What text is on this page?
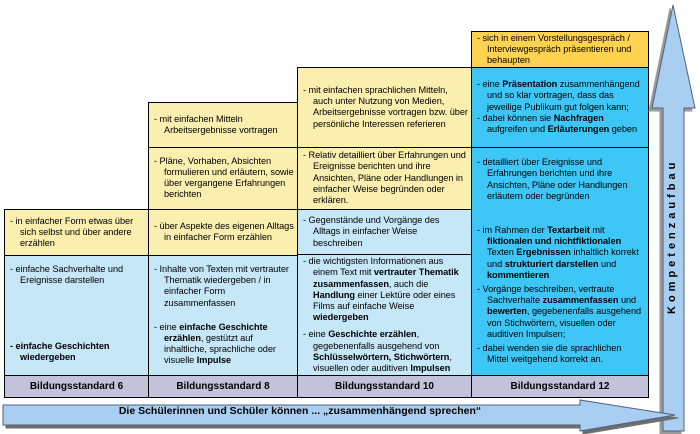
- in einfacher Form etwas über sich selbst und über andere erzählen
- einfache Sachverhalte und Ereignisse darstellen
- einfache Geschichten wiedergeben
Bildungsstandard 6
- mit einfachen Mitteln Arbeitsergebnisse vortragen
- Pläne, Vorhaben, Absichten formulieren und erläutern, sowie über vergangene Erfahrungen berichten
- über Aspekte des eigenen Alltags in einfacher Form erzählen
- Inhalte von Texten mit vertrauter Thematik wiedergeben / in einfacher Form zusammenfassen
- eine einfache Geschichte erzählen, gestützt auf inhaltliche, sprachliche oder visuelle Impulse
Bildungsstandard 8
- mit einfachen sprachlichen Mitteln, auch unter Nutzung von Medien, Arbeitsergebnisse vortragen bzw. über persönliche Interessen referieren
- Relativ detailliert über Erfahrungen und Ereignisse berichten und ihre Ansichten, Pläne oder Handlungen in einfacher Weise begründen oder erklären.
- Gegenstände und Vorgänge des Alltags in einfacher Weise beschreiben
- die wichtigsten Informationen aus einem Text mit vertrauter Thematik zusammenfassen, auch die Handlung einer Lektüre oder eines Films auf einfache Weise wiedergeben
- eine Geschichte erzählen, gegebenenfalls ausgehend von Schlüsselwörtern, Stichwörtern, visuellen oder auditiven Impulsen
Bildungsstandard 10
- sich in einem Vorstellungsgespräch / Interviewgespräch präsentieren und behaupten
- eine Präsentation zusammenhängend und so klar vortragen, dass das jeweilige Publikum gut folgen kann;
- dabei können sie Nachfragen aufgreifen und Erläuterungen geben
- detailliert über Ereignisse und Erfahrungen berichten und ihre Ansichten, Pläne oder Handlungen erläutern oder begründen
- im Rahmen der Textarbeit mit fiktionalen und nichtfiktionalen Texten Ergebnissen inhaltlich korrekt und strukturiert darstellen und kommentieren
- Vorgänge beschreiben, vertraute Sachverhalte zusammenfassen und bewerten, gegebenenfalls ausgehend von Stichwörtern, visuellen oder auditiven Impulsen;
- dabei wenden sie die sprachlichen Mittel weitgehend korrekt an.
Bildungsstandard 12
Kompetenzaufbau
Die Schülerinnen und Schüler können ... „zusammenhängend sprechen“
